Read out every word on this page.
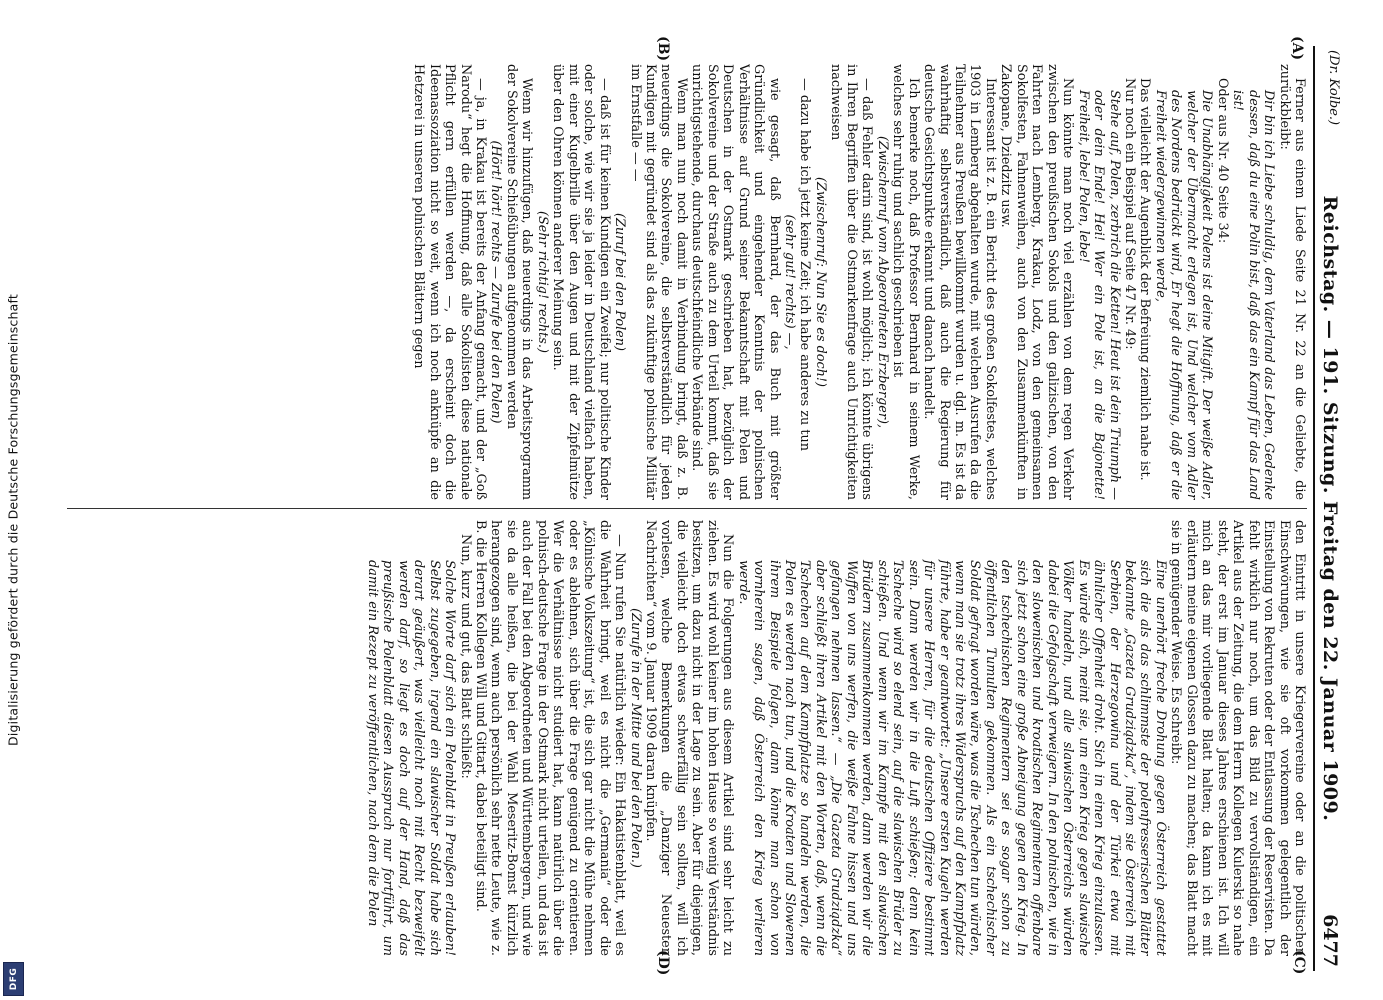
Digitalisierung gefördert durch die Deutsche Forschungsgemeinschaft
DFG
(Dr. Kolbe.)
Reichstag. — 191. Sitzung. Freitag den 22. Januar 1909.
6477
(A)
(B)
(C)
(D)

Ferner aus einem Liede Seite 21 Nr. 22 an die Geliebte, die zurückbleibt:

Dir bin ich Liebe schuldig, dem Vaterland das Leben, Gedenke dessen, daß du eine Polin bist, daß das ein Kampf für das Land ist!

Oder aus Nr. 40 Seite 34:

Die Unabhängigkeit Polens ist deine Mitgift. Der weiße Adler, welcher der Übermacht erlegen ist, Und welcher vom Adler des Nordens bedrückt wird, Er hegt die Hoffnung, daß er die Freiheit wiedergewinnen werde,

Das vielleicht der Augenblick der Befreiung ziemlich nahe ist.

Nur noch ein Beispiel auf Seite 47 Nr. 49:

Stehe auf, Polen, zerbrich die Ketten! Heut ist dein Triumph — oder dein Ende! Hei! Wer ein Pole ist, an die Bajonette! Freiheit, lebe! Polen, lebe!

Nun könnte man noch viel erzählen von dem regen Verkehr zwischen den preußischen Sokols und den galizischen, von den Fahrten nach Lemberg, Krakau, Lodz, von den gemeinsamen Sokolfesten, Fahnenweihen, auch von den Zusammenkünften in Zakopane, Dziedzitz usw.

Interessant ist z. B. ein Bericht des großen Sokolfestes, welches 1903 in Lemberg abgehalten wurde, mit welchen Ausrufen da die Teilnehmer aus Preußen bewillkommt wurden u. dgl. m. Es ist da wahrhaftig selbstverständlich, daß auch die Regierung für deutsche Gesichtspunkte erkannt und danach handelt.

Ich bemerke noch, daß Professor Bernhard in seinem Werke, welches sehr ruhig und sachlich geschrieben ist

(Zwischenruf vom Abgeordneten Erzberger),

— daß Fehler darin sind, ist wohl möglich; ich könnte übrigens in Ihren Begriffen über die Ostmarkenfrage auch Unrichtigkeiten nachweisen

(Zwischenruf: Nun Sie es doch!)

— dazu habe ich jetzt keine Zeit; ich habe anderes zu tun

(sehr gut! rechts) —,

wie gesagt, daß Bernhard, der das Buch mit größter Gründlichkeit und eingehender Kenntnis der polnischen Verhältnisse auf Grund seiner Bekanntschaft mit Polen und Deutschen in der Ostmark geschrieben hat, bezüglich der Sokolvereine und der Straße auch zu dem Urteil kommt, daß sie unrichtigstehende, durchaus deutschfeindliche Verbände sind.

Wenn man nun noch damit in Verbindung bringt, daß z. B. neuerdings die Sokolvereine, die selbstverständlich für jeden Kundigen mit gegründet sind als das zukünftige polnische Militär im Ernstfalle — —

(Zuruf bei den Polen)

— daß ist für keinen Kundigen ein Zweifel; nur politische Kinder oder solche, wie wir sie ja leider in Deutschland vielfach haben, mit einer Kugelbrille über den Augen und mit der Zipfelmütze über den Ohren können anderer Meinung sein.

(Sehr richtig! rechts.)

Wenn wir hinzufügen, daß neuerdings in das Arbeitsprogramm der Sokolvereine Schießübungen aufgenommen werden

(Hört! hört! rechts — Zurufe bei den Polen)

— ja, in Krakau ist bereits der Anfang gemacht, und der „Goß Narodu“ hegt die Hoffnung, daß alle Sokolisten diese nationale Pflicht gern erfüllen werden —, da erscheint doch die Ideenassoziation nicht so weit, wenn ich noch anknüpfe an die Hetzerei in unseren polnischen Blättern gegen

den Eintritt in unsere Kriegervereine oder an die politischen Einschwörungen, wie sie oft vorkommen gelegentlich der Einstellung von Rekruten oder der Entlassung der Reservisten. Da fehlt wirklich nur noch, um das Bild zu vervollständigen, ein Artikel aus der Zeitung, die dem Herrn Kollegen Kulerski so nahe steht, der erst im Januar dieses Jahres erschienen ist. Ich will mich an das mir vorliegende Blatt halten; da kann ich es mit erläutern meine eigenen Glossen dazu zu machen; das Blatt macht sie in genügender Weise. Es schreibt:

Eine unerhört freche Drohung gegen Österreich gestattet sich die als das schlimmste der polenfresserischen Blätter bekannte „Gazeta Grudziądzka“, indem sie Österreich mit Serbien, der Herzegowina und der Türkei etwa mit ähnlicher Offenheit droht. Sich in einen Krieg einzulassen. Es würde sich, meint sie, um einen Krieg gegen slawische Völker handeln, und alle slawischen Österreichs würden dabei die Gefolgschaft verweigern. In den polnischen, wie in den slowenischen und kroatischen Regimentern offenbare sich jetzt schon eine große Abneigung gegen den Krieg. In den tschechischen Regimentern sei es sogar schon zu öffentlichen Tumulten gekommen. Als ein tschechischer Soldat gefragt worden wäre, was die Tschechen tun würden, wenn man sie trotz ihres Widerspruchs auf den Kampfplatz führte, habe er geantwortet: „Unsere ersten Kugeln werden für unsere Herren, für die deutschen Offiziere bestimmt sein. Dann werden wir in die Luft schießen; denn kein Tscheche wird so elend sein, auf die slawischen Brüder zu schießen. Und wenn wir im Kampfe mit den slawischen Brüdern zusammenkommen werden, dann werden wir die Waffen von uns werfen, die weiße Fahne hissen und uns gefangen nehmen lassen.“ — „Die Gazeta Grudziądzka“ aber schließt ihren Artikel mit den Worten, daß, wenn die Tschechen auf dem Kampfplatze so handeln werden, die Polen es werden nach tun, und die Kroaten und Slowenen ihrem Beispiele folgen, dann könne man schon von vornherein sagen, daß Österreich den Krieg verlieren werde.

Nun die Folgerungen aus diesem Artikel sind sehr leicht zu ziehen. Es wird wohl keiner im hohen Hause so wenig Verständnis besitzen, um dazu nicht in der Lage zu sein. Aber für diejenigen, die vielleicht doch etwas schwerfällig sein sollten, will ich vorlesen, welche Bemerkungen die „Danziger Neuesten Nachrichten“ vom 9. Januar 1909 daran knüpfen.

(Zurufe in der Mitte und bei den Polen.)

— Nun rufen Sie natürlich wieder: Ein Hakatistenblatt, weil es die Wahrheit bringt, weil es nicht die „Germania“ oder die „Kölnische Volkszeitung“ ist, die sich gar nicht die Mühe nehmen oder es ablehnen, sich über die Frage genügend zu orientieren. Wer die Verhältnisse nicht studiert hat, kann natürlich über die polnisch-deutsche Frage in der Ostmark nicht urteilen, und das ist auch der Fall bei den Abgeordneten und Württembergern, und wie sie da alle heißen, die bei der Wahl Meseritz-Bomst kürzlich herangezogen sind, wenn auch persönlich sehr nette Leute, wie z. B. die Herren Kollegen Will und Gittart, dabei beteiligt sind.

Nun, kurz und gut, das Blatt schließt:

Solche Worte darf sich ein Polenblatt in Preußen erlauben! Selbst zugegeben, irgend ein slawischer Soldat habe sich derart geäußert, was vielleicht noch mit Recht bezweifelt werden darf, so liegt es doch auf der Hand, daß das preußische Polenblatt diesen Ausspruch nur fortführt, um damit ein Rezept zu veröffentlichen, nach dem die Polen
